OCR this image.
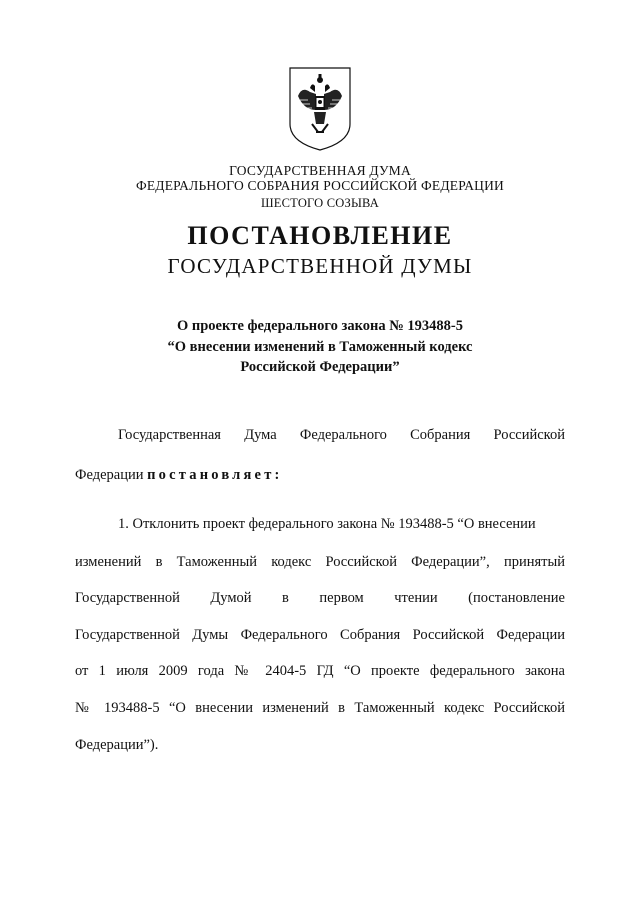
ГОСУДАРСТВЕННАЯ ДУМА
ФЕДЕРАЛЬНОГО СОБРАНИЯ РОССИЙСКОЙ ФЕДЕРАЦИИ
ШЕСТОГО СОЗЫВА
ПОСТАНОВЛЕНИЕ
ГОСУДАРСТВЕННОЙ ДУМЫ
О проекте федерального закона № 193488-5
“О внесении изменений в Таможенный кодекс
Российской Федерации”
Государственная Дума Федерального Собрания Российской
Федерации постановляет:
1. Отклонить проект федерального закона № 193488-5 “О внесении
изменений в Таможенный кодекс Российской Федерации”, принятый
Государственной Думой в первом чтении (постановление
Государственной Думы Федерального Собрания Российской Федерации
от 1 июля 2009 года № 2404-5 ГД “О проекте федерального закона
№ 193488-5 “О внесении изменений в Таможенный кодекс Российской
Федерации”).
